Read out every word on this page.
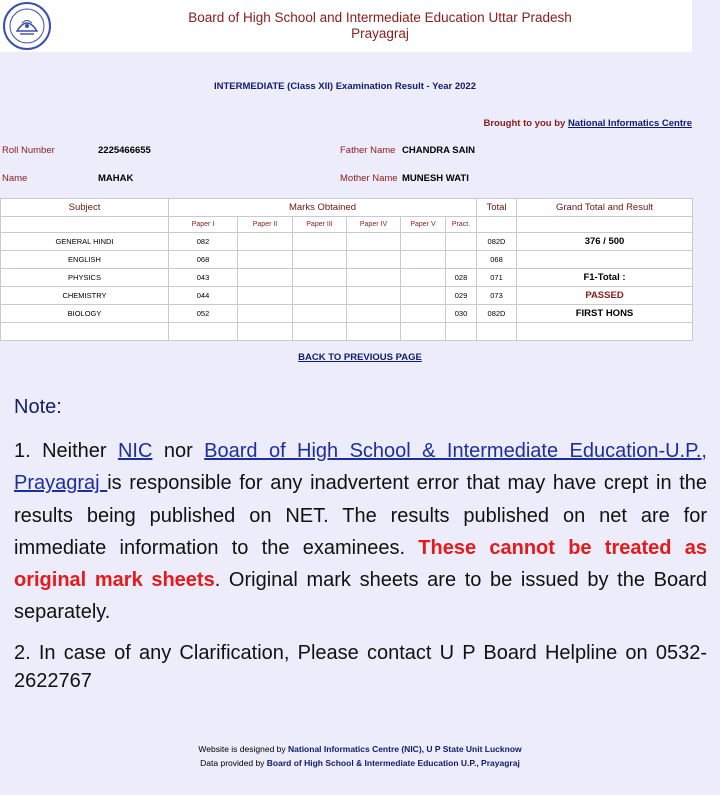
Board of High School and Intermediate Education Uttar Pradesh
Prayagraj
INTERMEDIATE (Class XII) Examination Result - Year 2022
Brought to you by National Informatics Centre
Roll Number	2225466655	Father Name CHANDRA SAIN
Name	MAHAK	Mother Name MUNESH WATI
Subject	Marks Obtained						Total	Grand Total and Result
	Paper I	Paper II	Paper III	Paper IV	Paper V	Pract.		
GENERAL HINDI	082						082D	376 / 500
ENGLISH	068						068	
PHYSICS	043					028	071	F1-Total :
CHEMISTRY	044					029	073	PASSED
BIOLOGY	052					030	082D	FIRST HONS

BACK TO PREVIOUS PAGE
Note:

1. Neither NIC nor Board of High School & Intermediate Education-U.P., Prayagraj is responsible for any inadvertent error that may have crept in the results being published on NET. The results published on net are for immediate information to the examinees. These cannot be treated as original mark sheets. Original mark sheets are to be issued by the Board separately.

2. In case of any Clarification, Please contact U P Board Helpline on 0532-2622767

Website is designed by National Informatics Centre (NIC), U P State Unit Lucknow
Data provided by Board of High School & Intermediate Education U.P., Prayagraj
